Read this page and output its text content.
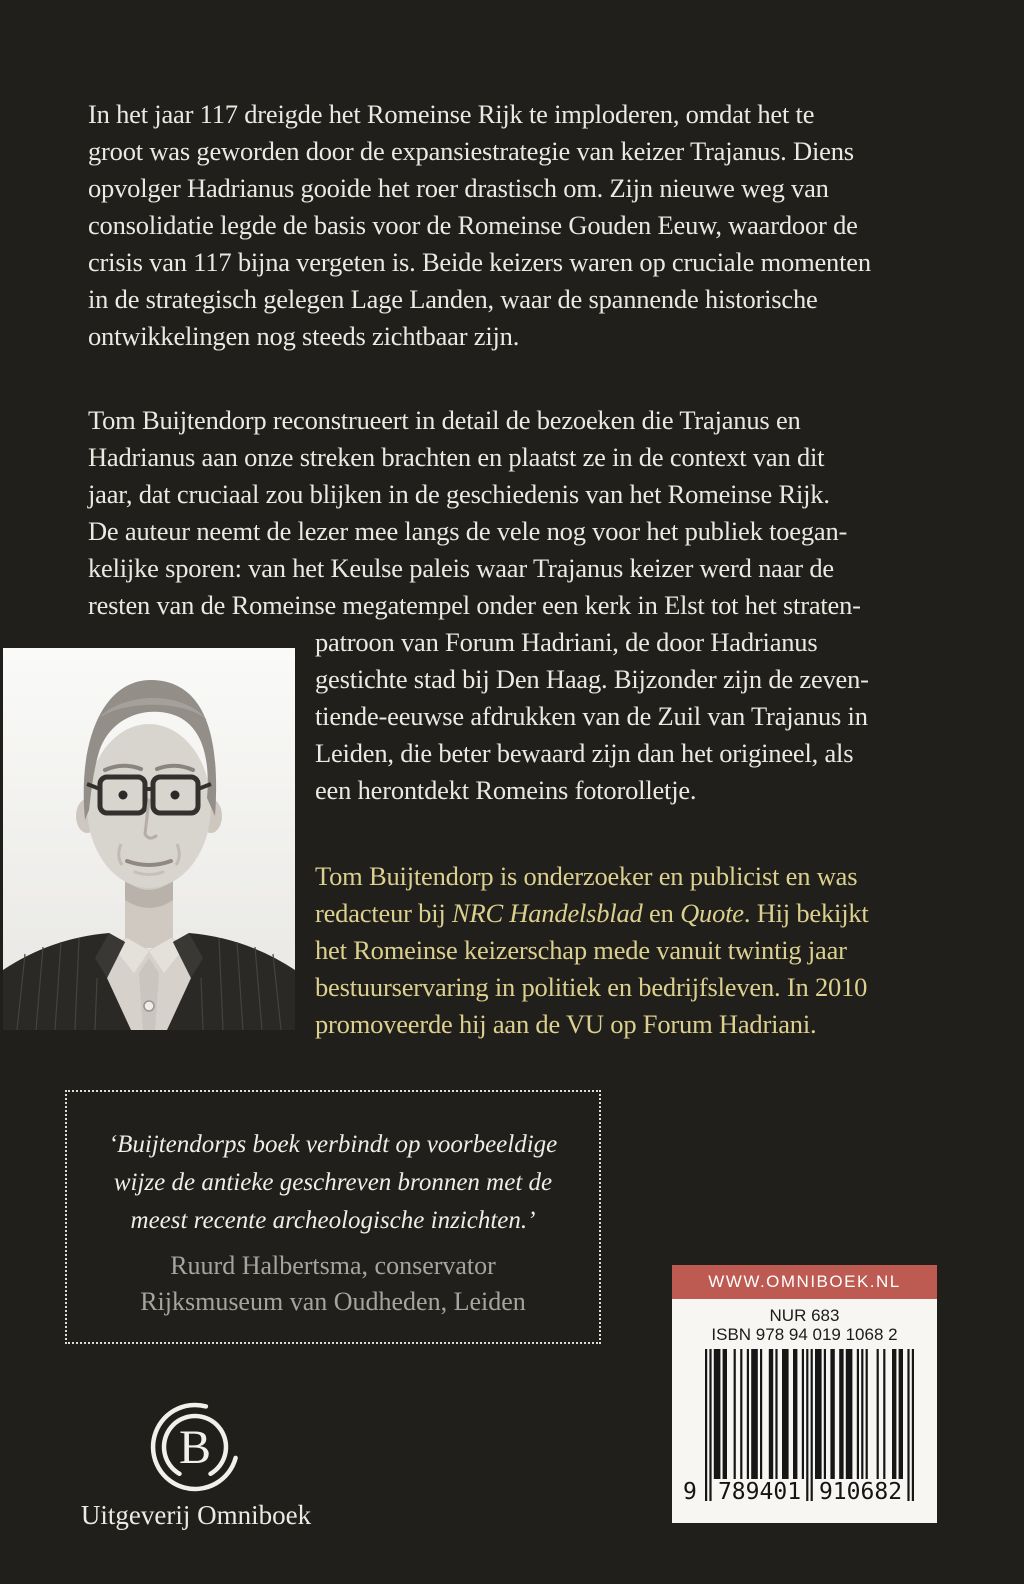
In het jaar 117 dreigde het Romeinse Rijk te imploderen, omdat het te
groot was geworden door de expansiestrategie van keizer Trajanus. Diens
opvolger Hadrianus gooide het roer drastisch om. Zijn nieuwe weg van
consolidatie legde de basis voor de Romeinse Gouden Eeuw, waardoor de
crisis van 117 bijna vergeten is. Beide keizers waren op cruciale momenten
in de strategisch gelegen Lage Landen, waar de spannende historische
ontwikkelingen nog steeds zichtbaar zijn.
Tom Buijtendorp reconstrueert in detail de bezoeken die Trajanus en
Hadrianus aan onze streken brachten en plaatst ze in de context van dit
jaar, dat cruciaal zou blijken in de geschiedenis van het Romeinse Rijk.
De auteur neemt de lezer mee langs de vele nog voor het publiek toegan-
kelijke sporen: van het Keulse paleis waar Trajanus keizer werd naar de
resten van de Romeinse megatempel onder een kerk in Elst tot het straten-
patroon van Forum Hadriani, de door Hadrianus
gestichte stad bij Den Haag. Bijzonder zijn de zeven-
tiende-eeuwse afdrukken van de Zuil van Trajanus in
Leiden, die beter bewaard zijn dan het origineel, als
een herontdekt Romeins fotorolletje.
Tom Buijtendorp is onderzoeker en publicist en was
redacteur bij NRC Handelsblad en Quote. Hij bekijkt
het Romeinse keizerschap mede vanuit twintig jaar
bestuurservaring in politiek en bedrijfsleven. In 2010
promoveerde hij aan de VU op Forum Hadriani.
‘Buijtendorps boek verbindt op voorbeeldige
wijze de antieke geschreven bronnen met de
meest recente archeologische inzichten.’
Ruurd Halbertsma, conservator
Rijksmuseum van Oudheden, Leiden
WWW.OMNIBOEK.NL
NUR 683
ISBN 978 94 019 1068 2
9 789401 910682
B
Uitgeverij Omniboek
